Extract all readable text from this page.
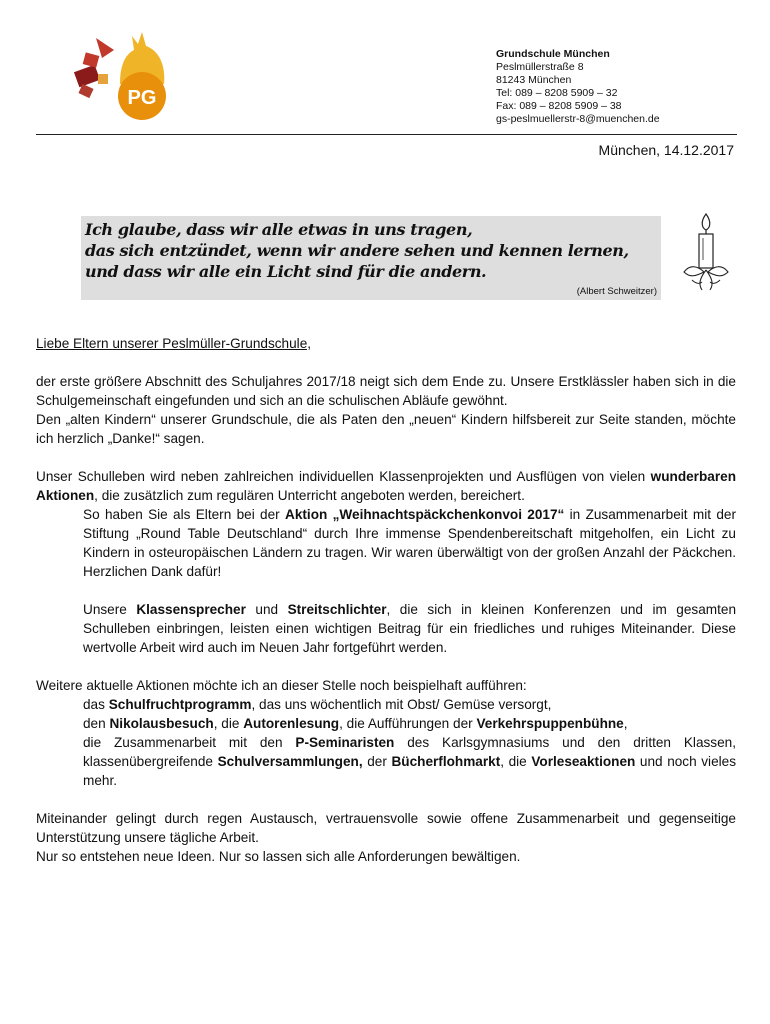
PG
Grundschule München
Peslmüllerstraße 8
81243 München
Tel: 089 – 8208 5909 – 32
Fax: 089 – 8208 5909 – 38
gs-peslmuellerstr-8@muenchen.de
München, 14.12.2017
Ich glaube, dass wir alle etwas in uns tragen,
das sich entzündet, wenn wir andere sehen und kennen lernen,
und dass wir alle ein Licht sind für die andern.
(Albert Schweitzer)

Liebe Eltern unserer Peslmüller-Grundschule,

der erste größere Abschnitt des Schuljahres 2017/18 neigt sich dem Ende zu. Unsere Erstklässler haben sich in die Schulgemeinschaft eingefunden und sich an die schulischen Abläufe gewöhnt.

Den „alten Kindern“ unserer Grundschule, die als Paten den „neuen“ Kindern hilfsbereit zur Seite standen, möchte ich herzlich „Danke!“ sagen.

Unser Schulleben wird neben zahlreichen individuellen Klassenprojekten und Ausflügen von vielen wunderbaren Aktionen, die zusätzlich zum regulären Unterricht angeboten werden, bereichert.

So haben Sie als Eltern bei der Aktion „Weihnachtspäckchenkonvoi 2017“ in Zusammenarbeit mit der Stiftung „Round Table Deutschland“ durch Ihre immense Spendenbereitschaft mitgeholfen, ein Licht zu Kindern in osteuropäischen Ländern zu tragen. Wir waren überwältigt von der großen Anzahl der Päckchen. Herzlichen Dank dafür!

Unsere Klassensprecher und Streitschlichter, die sich in kleinen Konferenzen und im gesamten Schulleben einbringen, leisten einen wichtigen Beitrag für ein friedliches und ruhiges Miteinander. Diese wertvolle Arbeit wird auch im Neuen Jahr fortgeführt werden.

Weitere aktuelle Aktionen möchte ich an dieser Stelle noch beispielhaft aufführen:

das Schulfruchtprogramm, das uns wöchentlich mit Obst/ Gemüse versorgt,

den Nikolausbesuch, die Autorenlesung, die Aufführungen der Verkehrspuppenbühne,

die Zusammenarbeit mit den P-Seminaristen des Karlsgymnasiums und den dritten Klassen, klassenübergreifende Schulversammlungen, der Bücherflohmarkt, die Vorleseaktionen und noch vieles mehr.

Miteinander gelingt durch regen Austausch, vertrauensvolle sowie offene Zusammenarbeit und gegenseitige Unterstützung unsere tägliche Arbeit.

Nur so entstehen neue Ideen. Nur so lassen sich alle Anforderungen bewältigen.
